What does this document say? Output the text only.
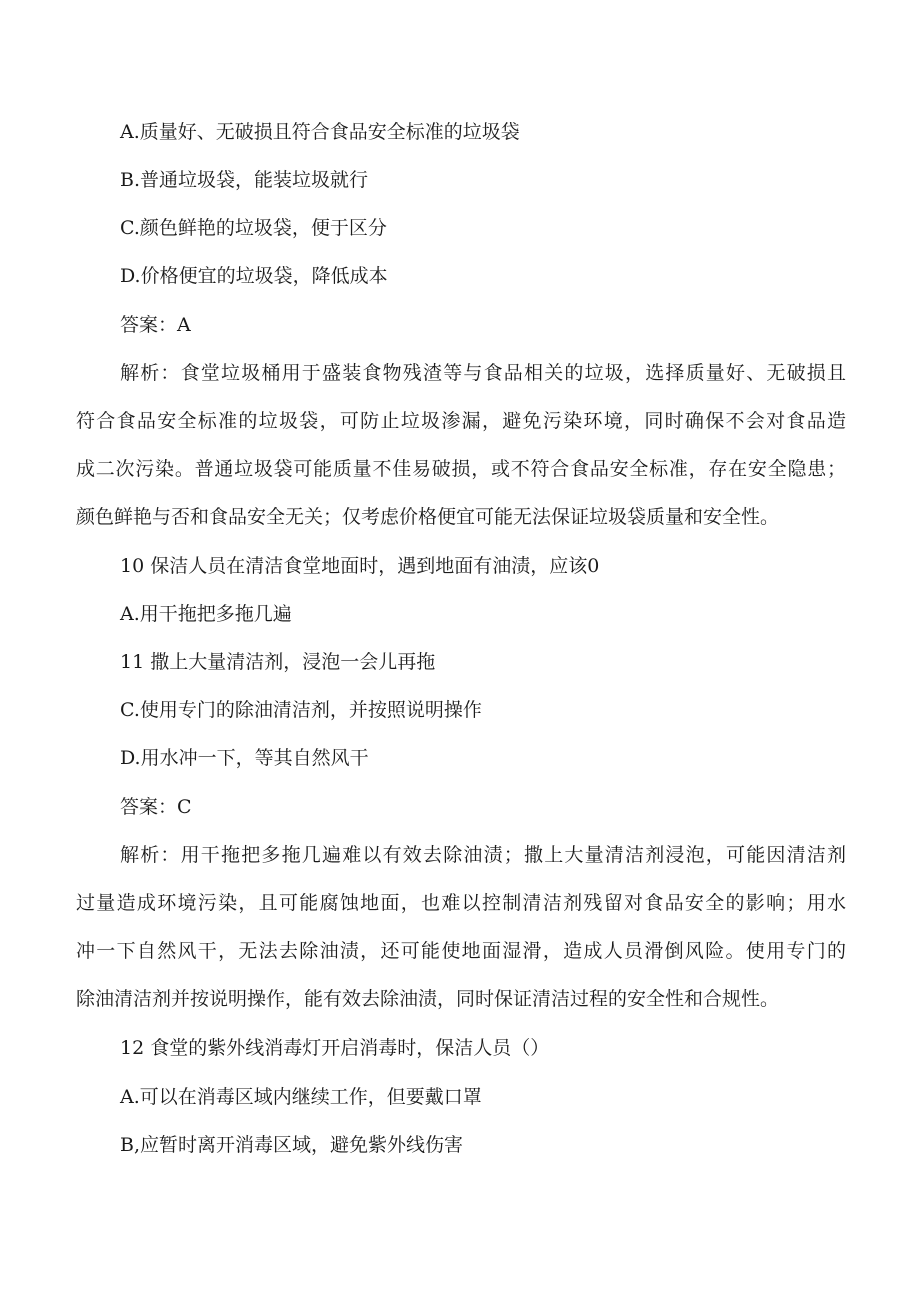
A.质量好、无破损且符合食品安全标准的垃圾袋
B.普通垃圾袋，能装垃圾就行
C.颜色鲜艳的垃圾袋，便于区分
D.价格便宜的垃圾袋，降低成本
答案：A
解析：食堂垃圾桶用于盛装食物残渣等与食品相关的垃圾，选择质量好、无破损且
符合食品安全标准的垃圾袋，可防止垃圾渗漏，避免污染环境，同时确保不会对食品造
成二次污染。普通垃圾袋可能质量不佳易破损，或不符合食品安全标准，存在安全隐患；
颜色鲜艳与否和食品安全无关；仅考虑价格便宜可能无法保证垃圾袋质量和安全性。
10 保洁人员在清洁食堂地面时，遇到地面有油渍，应该0
A.用干拖把多拖几遍
11 撒上大量清洁剂，浸泡一会儿再拖
C.使用专门的除油清洁剂，并按照说明操作
D.用水冲一下，等其自然风干
答案：C
解析：用干拖把多拖几遍难以有效去除油渍；撒上大量清洁剂浸泡，可能因清洁剂
过量造成环境污染，且可能腐蚀地面，也难以控制清洁剂残留对食品安全的影响；用水
冲一下自然风干，无法去除油渍，还可能使地面湿滑，造成人员滑倒风险。使用专门的
除油清洁剂并按说明操作，能有效去除油渍，同时保证清洁过程的安全性和合规性。
12 食堂的紫外线消毒灯开启消毒时，保洁人员（）
A.可以在消毒区域内继续工作，但要戴口罩
B,应暂时离开消毒区域，避免紫外线伤害
